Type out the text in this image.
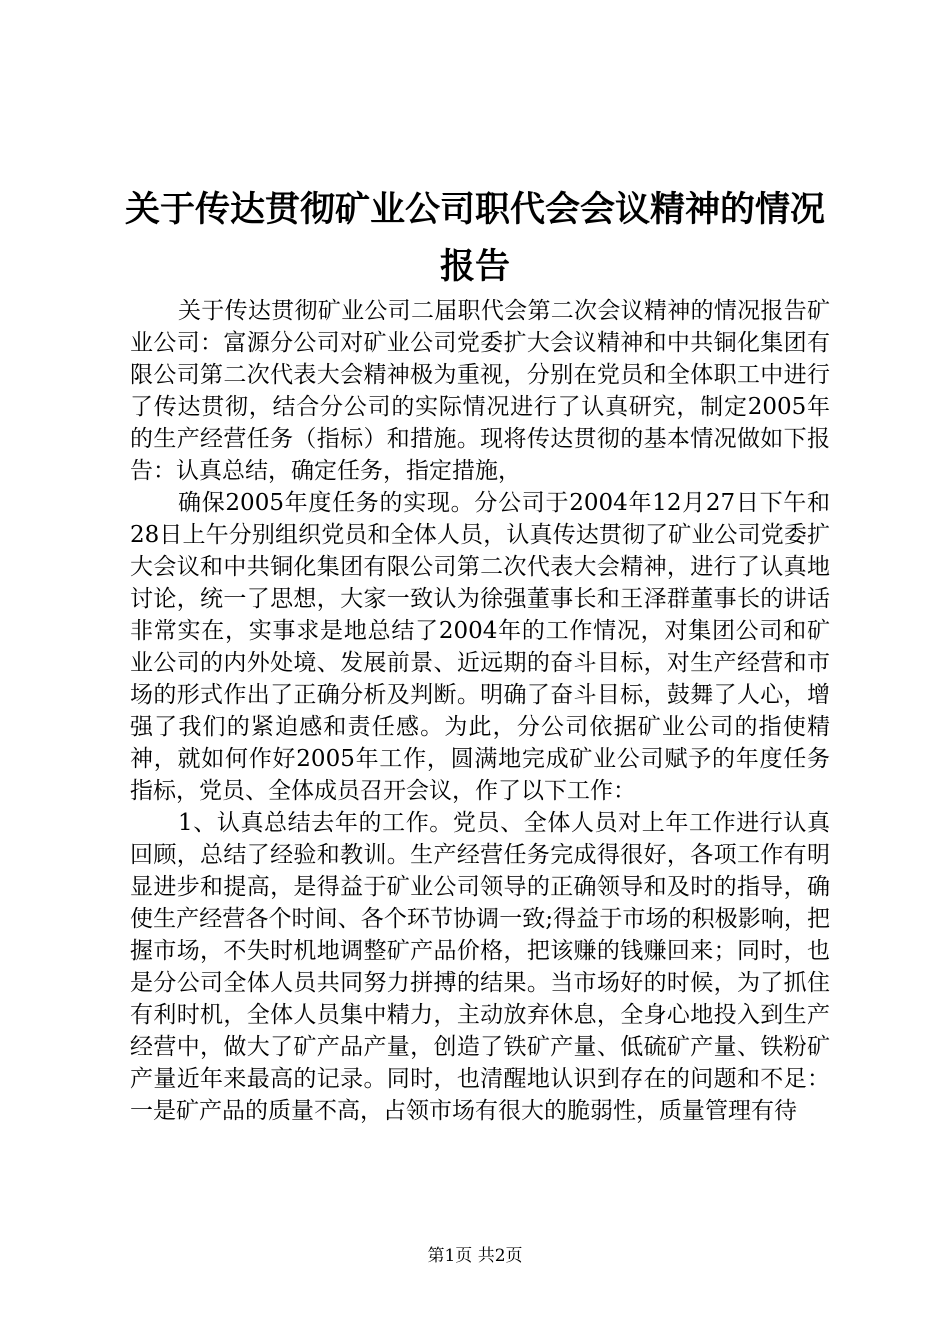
关于传达贯彻矿业公司职代会会议精神的情况
报告

关于传达贯彻矿业公司二届职代会第二次会议精神的情况报告矿业公司：富源分公司对矿业公司党委扩大会议精神和中共铜化集团有限公司第二次代表大会精神极为重视，分别在党员和全体职工中进行了传达贯彻，结合分公司的实际情况进行了认真研究，制定2005年的生产经营任务（指标）和措施。现将传达贯彻的基本情况做如下报告：认真总结，确定任务，指定措施，

确保2005年度任务的实现。分公司于2004年12月27日下午和28日上午分别组织党员和全体人员，认真传达贯彻了矿业公司党委扩大会议和中共铜化集团有限公司第二次代表大会精神，进行了认真地讨论，统一了思想，大家一致认为徐强董事长和王泽群董事长的讲话非常实在，实事求是地总结了2004年的工作情况，对集团公司和矿业公司的内外处境、发展前景、近远期的奋斗目标，对生产经营和市场的形式作出了正确分析及判断。明确了奋斗目标，鼓舞了人心，增强了我们的紧迫感和责任感。为此，分公司依据矿业公司的指使精神，就如何作好2005年工作，圆满地完成矿业公司赋予的年度任务指标，党员、全体成员召开会议，作了以下工作：

1、认真总结去年的工作。党员、全体人员对上年工作进行认真回顾，总结了经验和教训。生产经营任务完成得很好，各项工作有明显进步和提高，是得益于矿业公司领导的正确领导和及时的指导，确使生产经营各个时间、各个环节协调一致;得益于市场的积极影响，把握市场，不失时机地调整矿产品价格，把该赚的钱赚回来；同时，也是分公司全体人员共同努力拼搏的结果。当市场好的时候，为了抓住有利时机，全体人员集中精力，主动放弃休息，全身心地投入到生产经营中，做大了矿产品产量，创造了铁矿产量、低硫矿产量、铁粉矿产量近年来最高的记录。同时，也清醒地认识到存在的问题和不足：一是矿产品的质量不高，占领市场有很大的脆弱性，质量管理有待

第1页 共2页
